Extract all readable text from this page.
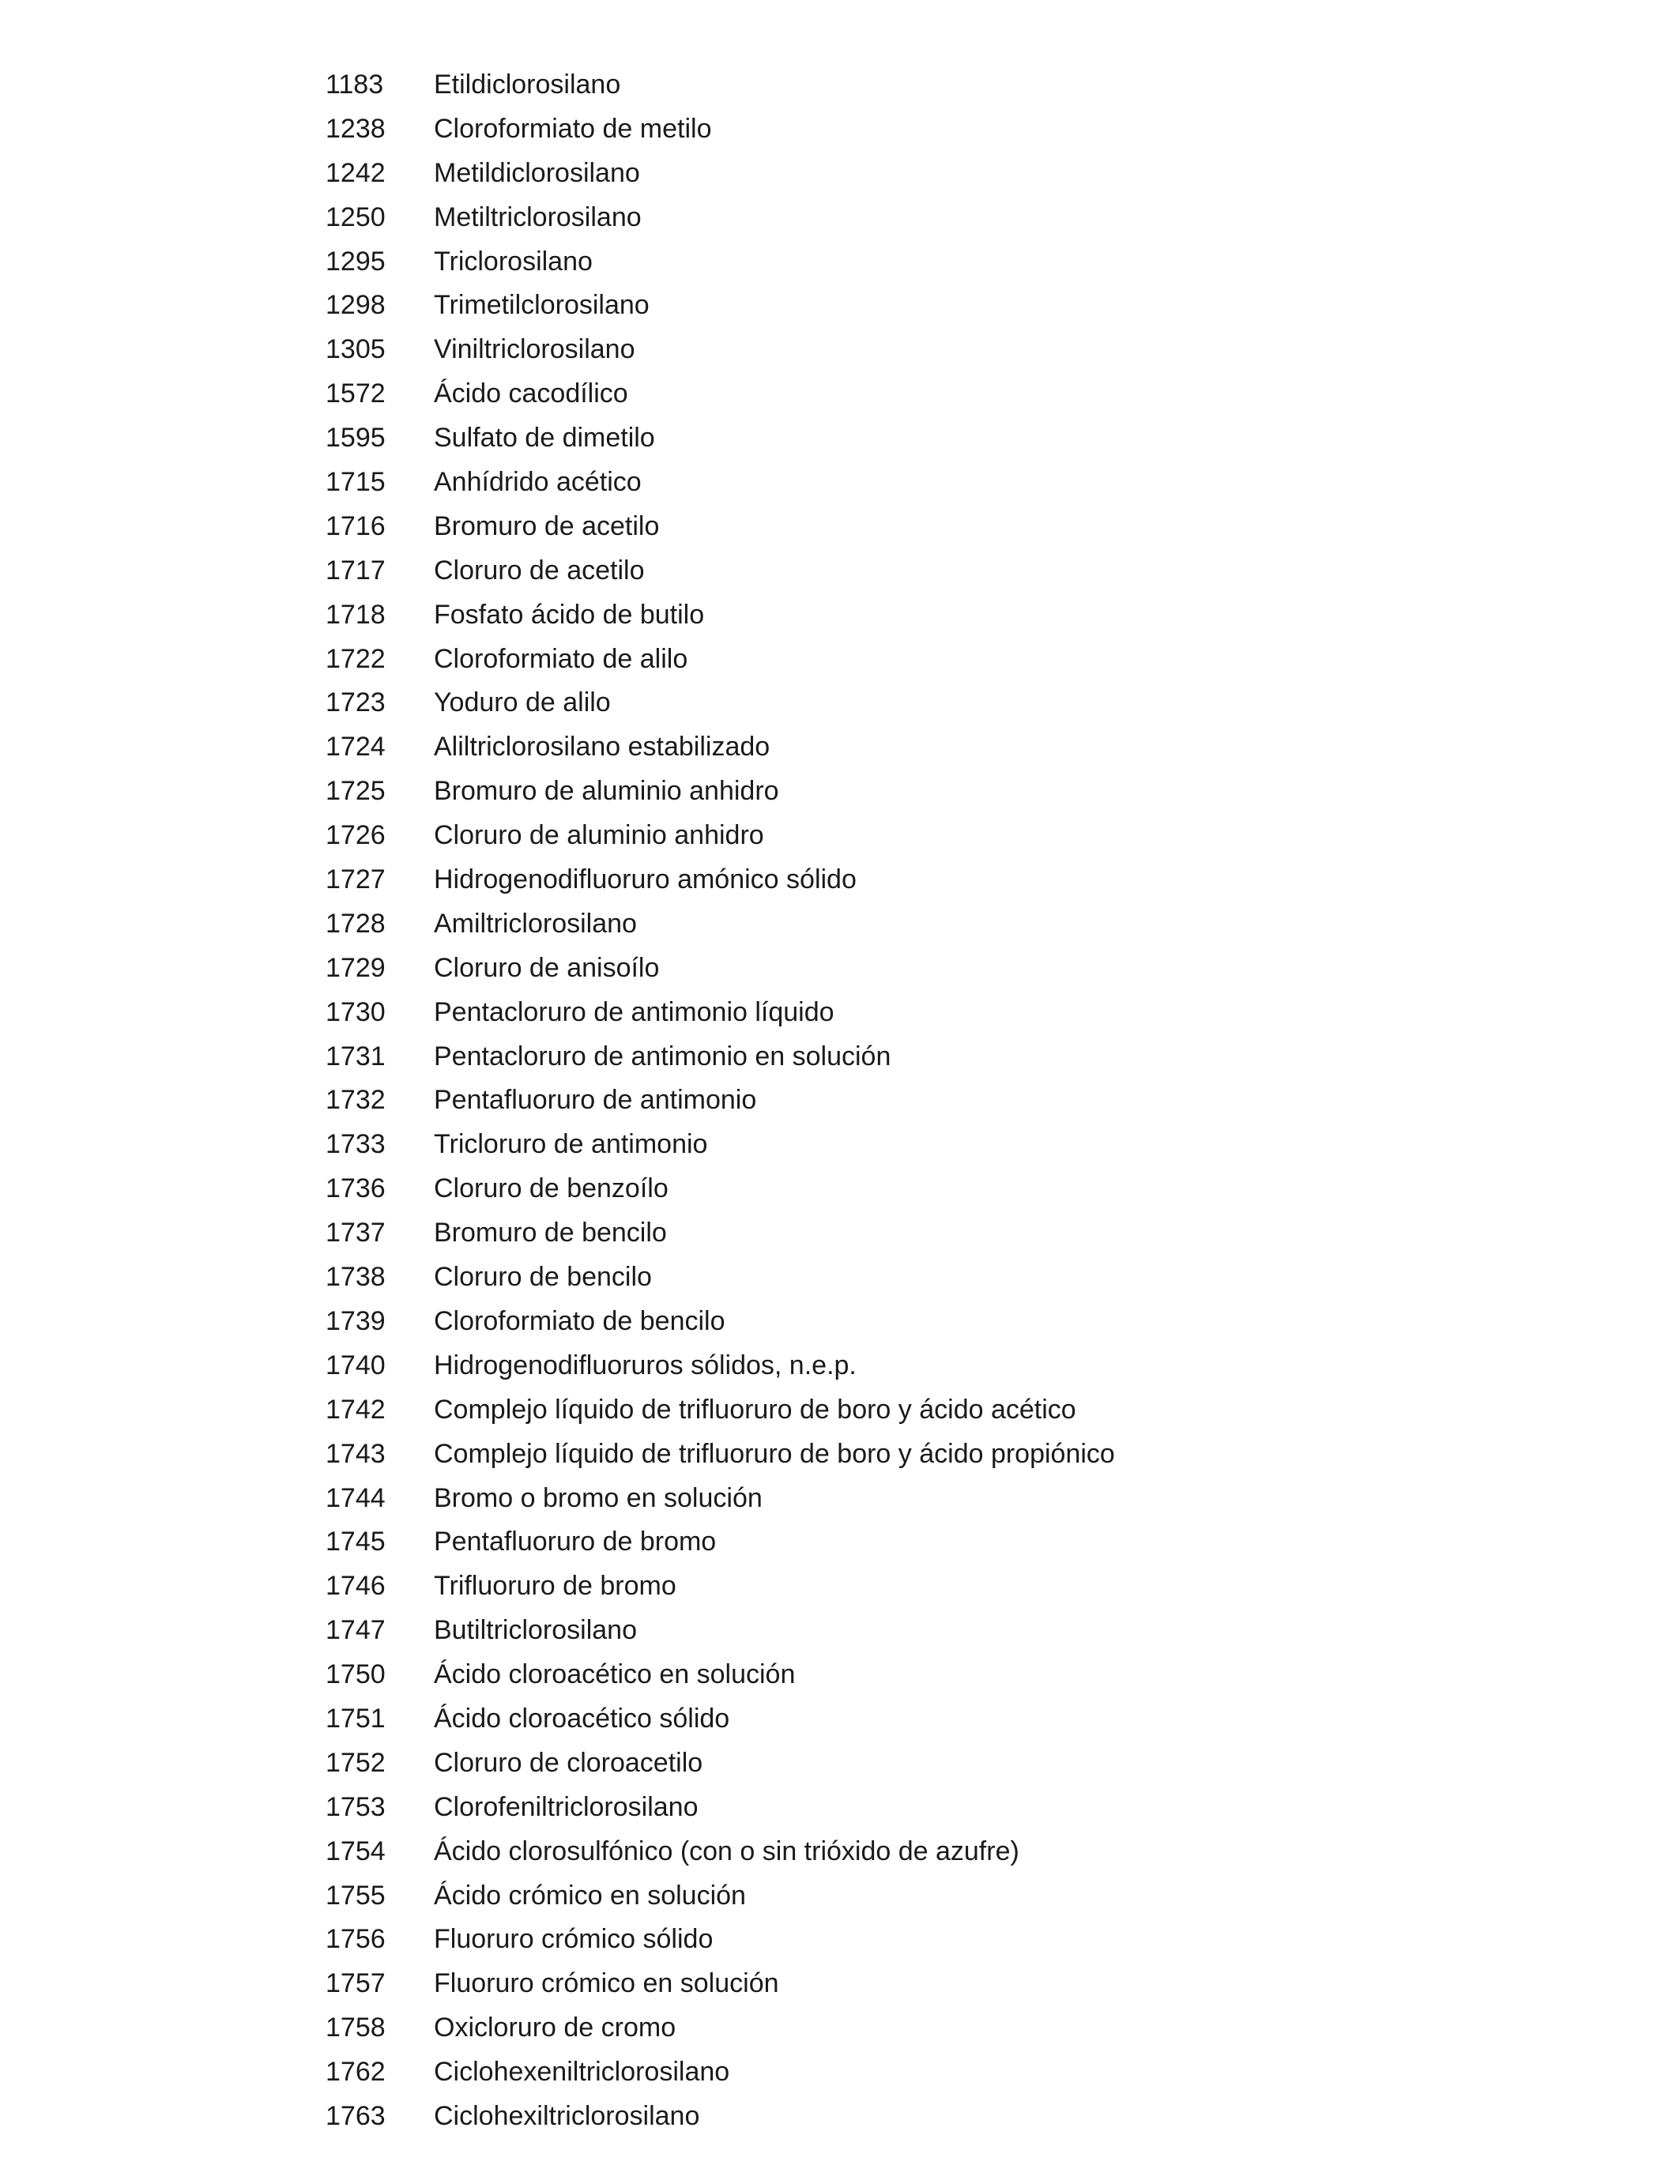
1183 Etildiclorosilano
1238 Cloroformiato de metilo
1242 Metildiclorosilano
1250 Metiltriclorosilano
1295 Triclorosilano
1298 Trimetilclorosilano
1305 Viniltriclorosilano
1572 Ácido cacodílico
1595 Sulfato de dimetilo
1715 Anhídrido acético
1716 Bromuro de acetilo
1717 Cloruro de acetilo
1718 Fosfato ácido de butilo
1722 Cloroformiato de alilo
1723 Yoduro de alilo
1724 Aliltriclorosilano estabilizado
1725 Bromuro de aluminio anhidro
1726 Cloruro de aluminio anhidro
1727 Hidrogenodifluoruro amónico sólido
1728 Amiltriclorosilano
1729 Cloruro de anisoílo
1730 Pentacloruro de antimonio líquido
1731 Pentacloruro de antimonio en solución
1732 Pentafluoruro de antimonio
1733 Tricloruro de antimonio
1736 Cloruro de benzoílo
1737 Bromuro de bencilo
1738 Cloruro de bencilo
1739 Cloroformiato de bencilo
1740 Hidrogenodifluoruros sólidos, n.e.p.
1742 Complejo líquido de trifluoruro de boro y ácido acético
1743 Complejo líquido de trifluoruro de boro y ácido propiónico
1744 Bromo o bromo en solución
1745 Pentafluoruro de bromo
1746 Trifluoruro de bromo
1747 Butiltriclorosilano
1750 Ácido cloroacético en solución
1751 Ácido cloroacético sólido
1752 Cloruro de cloroacetilo
1753 Clorofeniltriclorosilano
1754 Ácido clorosulfónico (con o sin trióxido de azufre)
1755 Ácido crómico en solución
1756 Fluoruro crómico sólido
1757 Fluoruro crómico en solución
1758 Oxicloruro de cromo
1762 Ciclohexeniltriclorosilano
1763 Ciclohexiltriclorosilano
